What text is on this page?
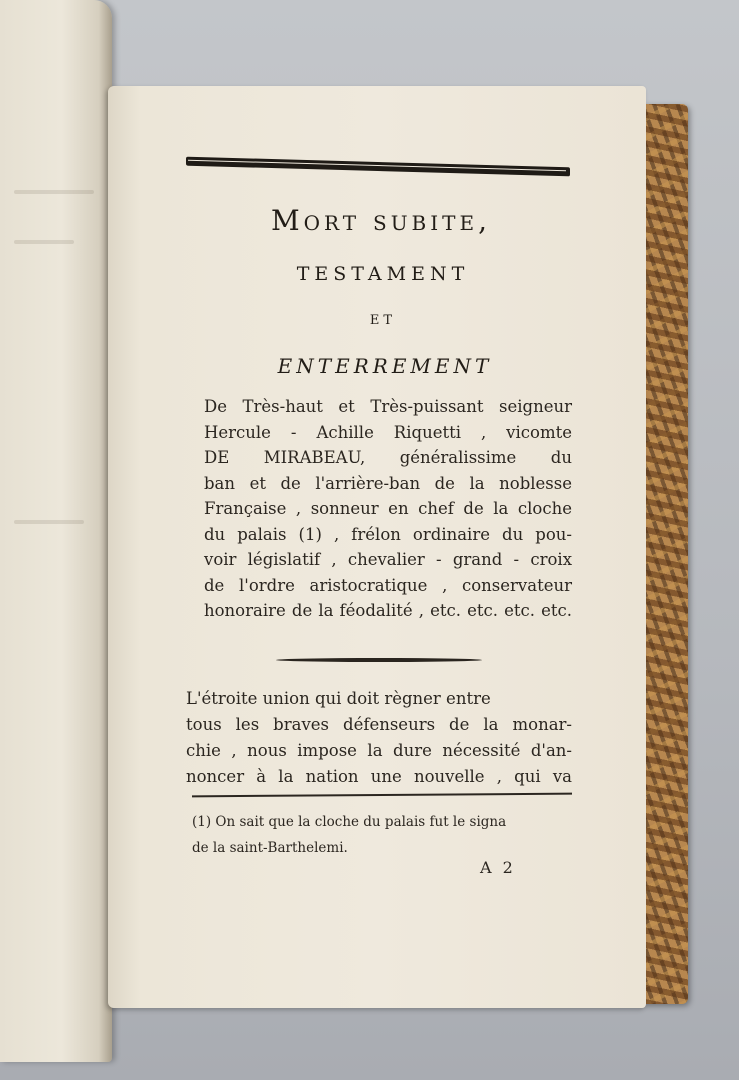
Mort subite,
TESTAMENT
ET
ENTERREMENT
De Très-haut et Très-puissant seigneur
Hercule - Achille Riquetti , vicomte
DE MIRABEAU, généralissime du
ban et de l'arrière-ban de la noblesse
Française , sonneur en chef de la cloche
du palais (1) , frélon ordinaire du pou-
voir législatif , chevalier - grand - croix
de l'ordre aristocratique , conservateur
honoraire de la féodalité , etc. etc. etc. etc.
L'étroite union qui doit règner entre
tous les braves défenseurs de la monar-
chie , nous impose la dure nécessité d'an-
noncer à la nation une nouvelle , qui va
(1) On sait que la cloche du palais fut le signa
de la saint-Barthelemi.
A 2
